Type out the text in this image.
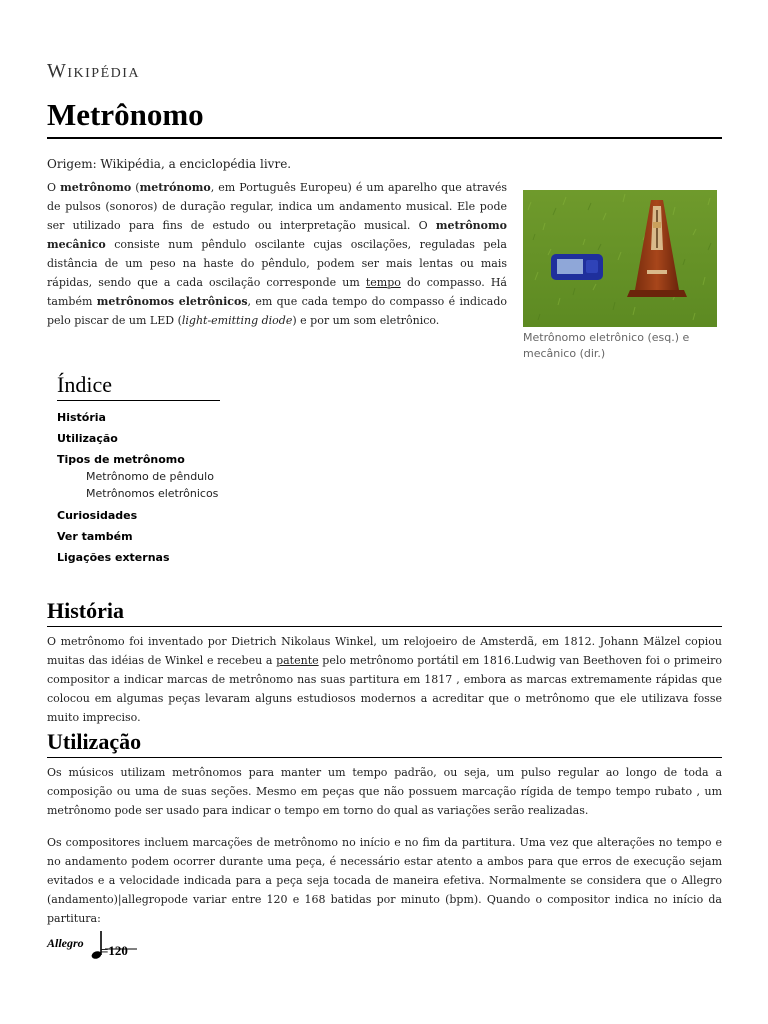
Wikipédia
Metrônomo
Origem: Wikipédia, a enciclopédia livre.

O metrônomo (metrónomo, em Português Europeu) é um aparelho que através de pulsos (sonoros) de duração regular, indica um andamento musical. Ele pode ser utilizado para fins de estudo ou interpretação musical. O metrônomo mecânico consiste num pêndulo oscilante cujas oscilações, reguladas pela distância de um peso na haste do pêndulo, podem ser mais lentas ou mais rápidas, sendo que a cada oscilação corresponde um tempo do compasso. Há também metrônomos eletrônicos, em que cada tempo do compasso é indicado pelo piscar de um LED (light-emitting diode) e por um som eletrônico.

Metrônomo eletrônico (esq.) e mecânico (dir.)
Índice
História
Utilização
Tipos de metrônomo
Metrônomo de pêndulo
Metrônomos eletrônicos
Curiosidades
Ver também
Ligações externas
História

O metrônomo foi inventado por Dietrich Nikolaus Winkel, um relojoeiro de Amsterdã, em 1812. Johann Mälzel copiou muitas das idéias de Winkel e recebeu a patente pelo metrônomo portátil em 1816.Ludwig van Beethoven foi o primeiro compositor a indicar marcas de metrônomo nas suas partitura em 1817 , embora as marcas extremamente rápidas que colocou em algumas peças levaram alguns estudiosos modernos a acreditar que o metrônomo que ele utilizava fosse muito impreciso.

Utilização

Os músicos utilizam metrônomos para manter um tempo padrão, ou seja, um pulso regular ao longo de toda a composição ou uma de suas seções. Mesmo em peças que não possuem marcação rígida de tempo tempo rubato , um metrônomo pode ser usado para indicar o tempo em torno do qual as variações serão realizadas.

Os compositores incluem marcações de metrônomo no início e no fim da partitura. Uma vez que alterações no tempo e no andamento podem ocorrer durante uma peça, é necessário estar atento a ambos para que erros de execução sejam evitados e a velocidade indicada para a peça seja tocada de maneira efetiva. Normalmente se considera que o Allegro (andamento)|allegropode variar entre 120 e 168 batidas por minuto (bpm). Quando o compositor indica no início da partitura:

Allegro =120
